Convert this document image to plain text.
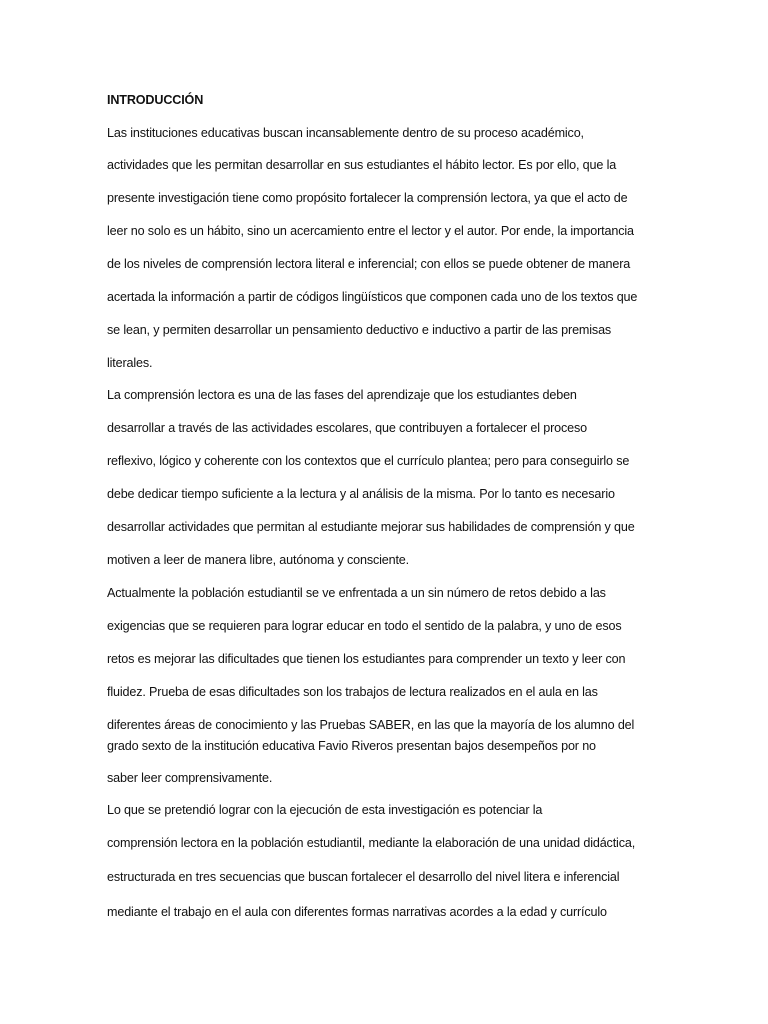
INTRODUCCIÓN
Las instituciones educativas buscan incansablemente dentro de su proceso académico,
actividades que les permitan desarrollar en sus estudiantes el hábito lector. Es por ello, que la
presente investigación tiene como propósito fortalecer la comprensión lectora, ya que el acto de
leer no solo es un hábito, sino un acercamiento entre el lector y el autor. Por ende, la importancia
de los niveles de comprensión lectora literal e inferencial; con ellos se puede obtener de manera
acertada la información a partir de códigos lingüísticos que componen cada uno de los textos que
se lean, y permiten desarrollar un pensamiento deductivo e inductivo a partir de las premisas
literales.
La comprensión lectora es una de las fases del aprendizaje que los estudiantes deben
desarrollar a través de las actividades escolares, que contribuyen a fortalecer el proceso
reflexivo, lógico y coherente con los contextos que el currículo plantea; pero para conseguirlo se
debe dedicar tiempo suficiente a la lectura y al análisis de la misma. Por lo tanto es necesario
desarrollar actividades que permitan al estudiante mejorar sus habilidades de comprensión y que
motiven a leer de manera libre, autónoma y consciente.
Actualmente la población estudiantil se ve enfrentada a un sin número de retos debido a las
exigencias que se requieren para lograr educar en todo el sentido de la palabra, y uno de esos
retos es mejorar las dificultades que tienen los estudiantes para comprender un texto y leer con
fluidez. Prueba de esas dificultades son los trabajos de lectura realizados en el aula en las
diferentes áreas de conocimiento y las Pruebas SABER, en las que la mayoría de los alumno del
grado sexto de la institución educativa Favio Riveros presentan bajos desempeños por no
saber leer comprensivamente.
Lo que se pretendió lograr con la ejecución de esta investigación es potenciar la
comprensión lectora en la población estudiantil, mediante la elaboración de una unidad didáctica,
estructurada en tres secuencias que buscan fortalecer el desarrollo del nivel litera e inferencial
mediante el trabajo en el aula con diferentes formas narrativas acordes a la edad y currículo
